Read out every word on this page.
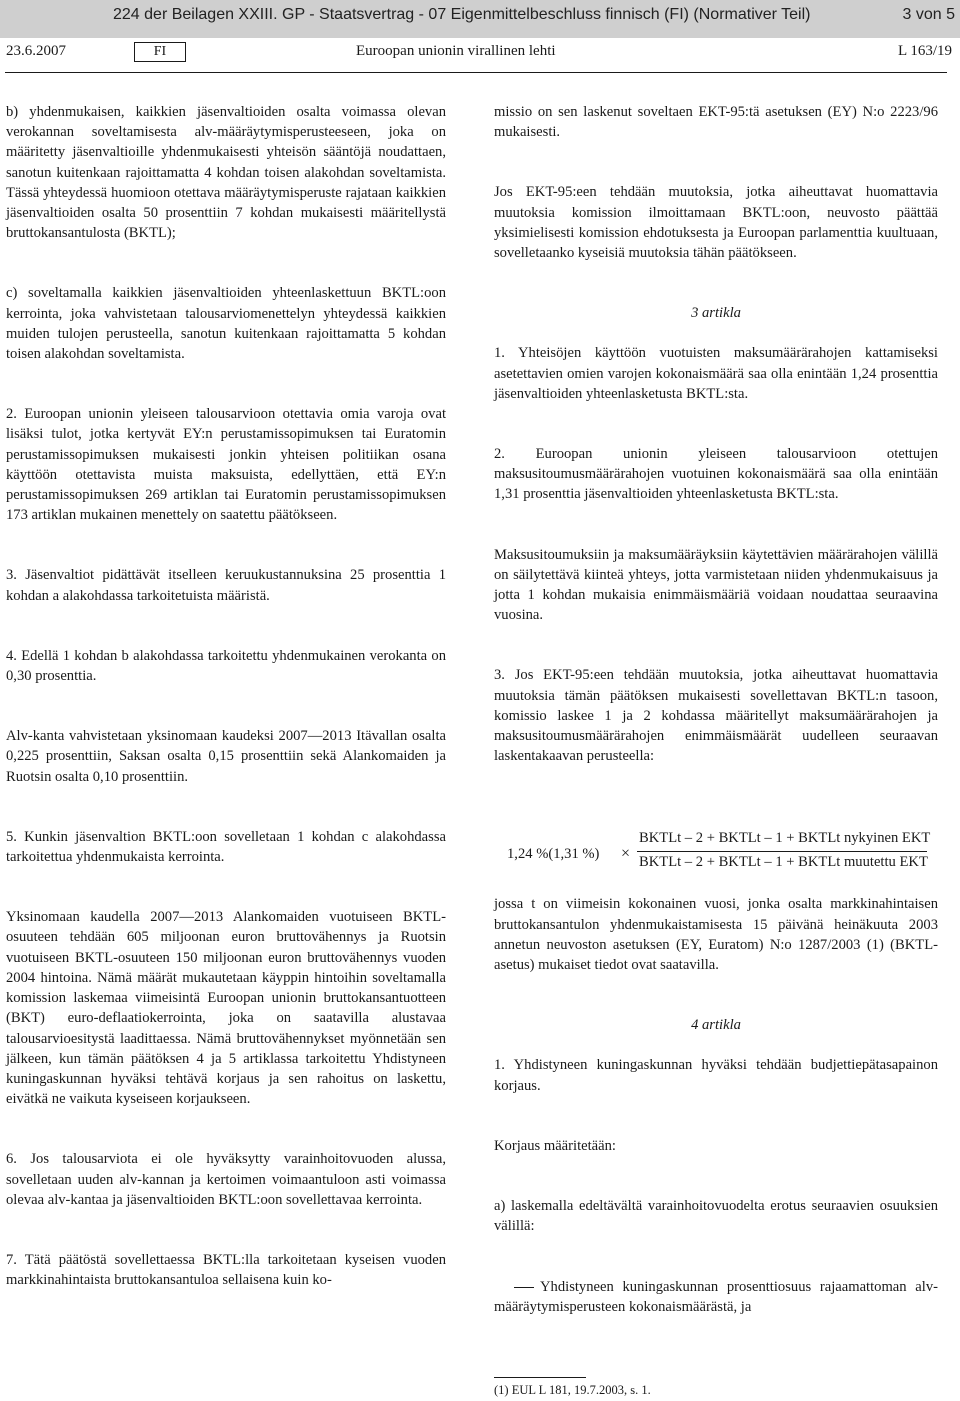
224 der Beilagen XXIII. GP - Staatsvertrag - 07 Eigenmittelbeschluss finnisch (FI) (Normativer Teil)	3 von 5
23.6.2007	FI	Euroopan unionin virallinen lehti	L 163/19

b) yhdenmukaisen, kaikkien jäsenvaltioiden osalta voimassa olevan verokannan soveltamisesta alv-määräytymisperusteeseen, joka on määritetty jäsenvaltioille yhdenmukaisesti yhteisön sääntöjä noudattaen, sanotun kuitenkaan rajoittamatta 4 kohdan toisen alakohdan soveltamista. Tässä yhteydessä huomioon otettava määräytymisperuste rajataan kaikkien jäsenvaltioiden osalta 50 prosenttiin 7 kohdan mukaisesti määritellystä bruttokansantulosta (BKTL);

c) soveltamalla kaikkien jäsenvaltioiden yhteenlaskettuun BKTL:oon kerrointa, joka vahvistetaan talousarviomenettelyn yhteydessä kaikkien muiden tulojen perusteella, sanotun kuitenkaan rajoittamatta 5 kohdan toisen alakohdan soveltamista.

2. Euroopan unionin yleiseen talousarvioon otettavia omia varoja ovat lisäksi tulot, jotka kertyvät EY:n perustamissopimuksen tai Euratomin perustamissopimuksen mukaisesti jonkin yhteisen politiikan osana käyttöön otettavista muista maksuista, edellyttäen, että EY:n perustamissopimuksen 269 artiklan tai Euratomin perustamissopimuksen 173 artiklan mukainen menettely on saatettu päätökseen.

3. Jäsenvaltiot pidättävät itselleen keruukustannuksina 25 prosenttia 1 kohdan a alakohdassa tarkoitetuista määristä.

4. Edellä 1 kohdan b alakohdassa tarkoitettu yhdenmukainen verokanta on 0,30 prosenttia.

Alv-kanta vahvistetaan yksinomaan kaudeksi 2007—2013 Itävallan osalta 0,225 prosenttiin, Saksan osalta 0,15 prosenttiin sekä Alankomaiden ja Ruotsin osalta 0,10 prosenttiin.

5. Kunkin jäsenvaltion BKTL:oon sovelletaan 1 kohdan c alakohdassa tarkoitettua yhdenmukaista kerrointa.

Yksinomaan kaudella 2007—2013 Alankomaiden vuotuiseen BKTL-osuuteen tehdään 605 miljoonan euron bruttovähennys ja Ruotsin vuotuiseen BKTL-osuuteen 150 miljoonan euron bruttovähennys vuoden 2004 hintoina. Nämä määrät mukautetaan käyppin hintoihin soveltamalla komission laskemaa viimeisintä Euroopan unionin bruttokansantuotteen (BKT) euro-deflaatiokerrointa, joka on saatavilla alustavaa talousarvioesitystä laadittaessa. Nämä bruttovähennykset myönnetään sen jälkeen, kun tämän päätöksen 4 ja 5 artiklassa tarkoitettu Yhdistyneen kuningaskunnan hyväksi tehtävä korjaus ja sen rahoitus on laskettu, eivätkä ne vaikuta kyseiseen korjaukseen.

6. Jos talousarviota ei ole hyväksytty varainhoitovuoden alussa, sovelletaan uuden alv-kannan ja kertoimen voimaantuloon asti voimassa olevaa alv-kantaa ja jäsenvaltioiden BKTL:oon sovellettavaa kerrointa.

7. Tätä päätöstä sovellettaessa BKTL:lla tarkoitetaan kyseisen vuoden markkinahintaista bruttokansantuloa sellaisena kuin ko-

missio on sen laskenut soveltaen EKT-95:tä asetuksen (EY) N:o 2223/96 mukaisesti.

Jos EKT-95:een tehdään muutoksia, jotka aiheuttavat huomattavia muutoksia komission ilmoittamaan BKTL:oon, neuvosto päättää yksimielisesti komission ehdotuksesta ja Euroopan parlamenttia kuultuaan, sovelletaanko kyseisiä muutoksia tähän päätökseen.

3 artikla

1. Yhteisöjen käyttöön vuotuisten maksumäärärahojen kattamiseksi asetettavien omien varojen kokonaismäärä saa olla enintään 1,24 prosenttia jäsenvaltioiden yhteenlasketusta BKTL:sta.

2. Euroopan unionin yleiseen talousarvioon otettujen maksusitoumusmäärärahojen vuotuinen kokonaismäärä saa olla enintään 1,31 prosenttia jäsenvaltioiden yhteenlasketusta BKTL:sta.

Maksusitoumuksiin ja maksumääräyksiin käytettävien määrärahojen välillä on säilytettävä kiinteä yhteys, jotta varmistetaan niiden yhdenmukaisuus ja jotta 1 kohdan mukaisia enimmäismääriä voidaan noudattaa seuraavina vuosina.

3. Jos EKT-95:een tehdään muutoksia, jotka aiheuttavat huomattavia muutoksia tämän päätöksen mukaisesti sovellettavan BKTL:n tasoon, komissio laskee 1 ja 2 kohdassa määritellyt maksumäärärahojen ja maksusitoumusmäärärahojen enimmäismäärät uudelleen seuraavan laskentakaavan perusteella:

jossa t on viimeisin kokonainen vuosi, jonka osalta markkinahintaisen bruttokansantulon yhdenmukaistamisesta 15 päivänä heinäkuuta 2003 annetun neuvoston asetuksen (EY, Euratom) N:o 1287/2003 (1) (BKTL-asetus) mukaiset tiedot ovat saatavilla.

4 artikla

1. Yhdistyneen kuningaskunnan hyväksi tehdään budjettiepätasapainon korjaus.

Korjaus määritetään:

a) laskemalla edeltävältä varainhoitovuodelta erotus seuraavien osuuksien välillä:

Yhdistyneen kuningaskunnan prosenttiosuus rajaamattoman alv-määräytymisperusteen kokonaismäärästä, ja

1,24 %(1,31 %) ×
BKTLt – 2 + BKTLt – 1 + BKTLt nykyinen EKT
BKTLt – 2 + BKTLt – 1 + BKTLt muutettu EKT
(1) EUL L 181, 19.7.2003, s. 1.
